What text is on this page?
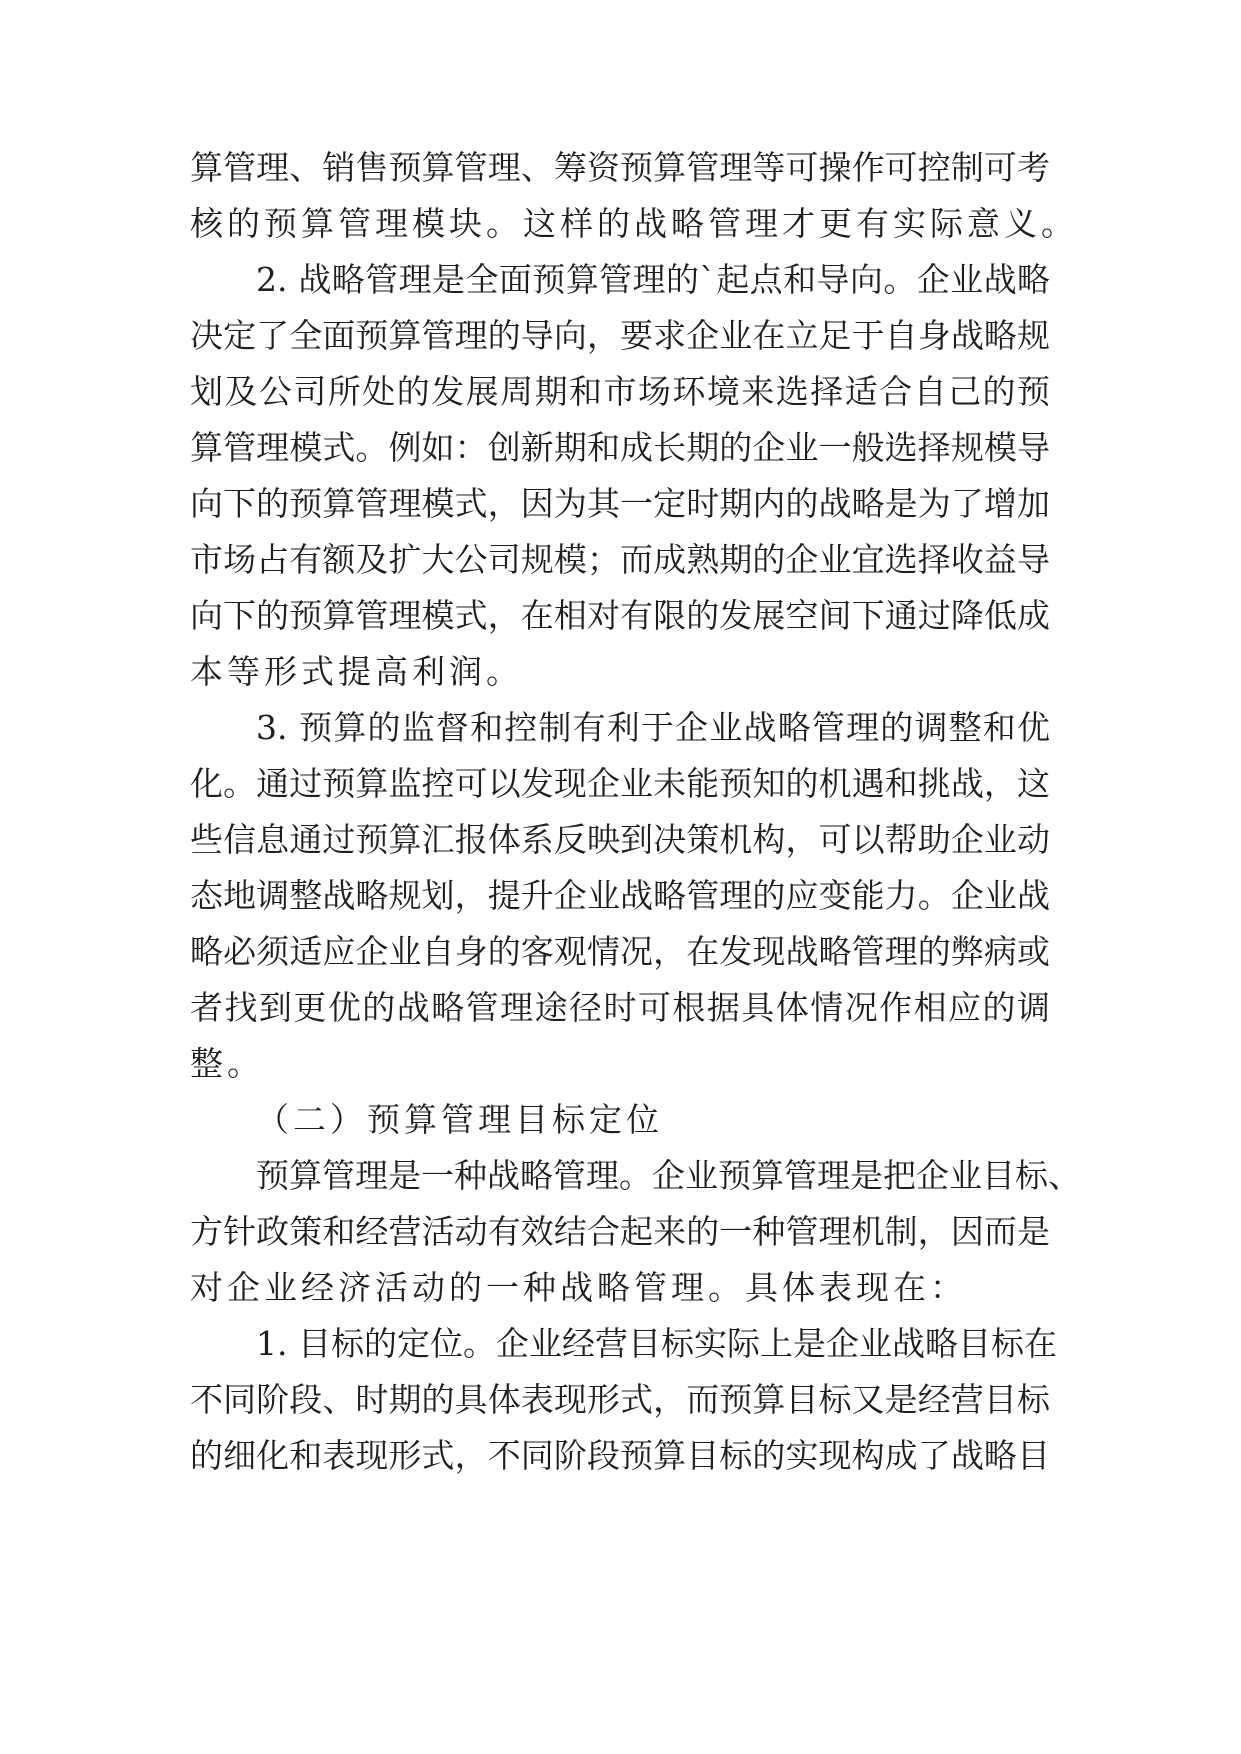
算管理、销售预算管理、筹资预算管理等可操作可控制可考
核的预算管理模块。这样的战略管理才更有实际意义。
2. 战略管理是全面预算管理的`起点和导向。企业战略
决定了全面预算管理的导向，要求企业在立足于自身战略规
划及公司所处的发展周期和市场环境来选择适合自己的预
算管理模式。例如：创新期和成长期的企业一般选择规模导
向下的预算管理模式，因为其一定时期内的战略是为了增加
市场占有额及扩大公司规模；而成熟期的企业宜选择收益导
向下的预算管理模式，在相对有限的发展空间下通过降低成
本等形式提高利润。
3. 预算的监督和控制有利于企业战略管理的调整和优
化。通过预算监控可以发现企业未能预知的机遇和挑战，这
些信息通过预算汇报体系反映到决策机构，可以帮助企业动
态地调整战略规划，提升企业战略管理的应变能力。企业战
略必须适应企业自身的客观情况，在发现战略管理的弊病或
者找到更优的战略管理途径时可根据具体情况作相应的调
整。
（二）预算管理目标定位
预算管理是一种战略管理。企业预算管理是把企业目标、
方针政策和经营活动有效结合起来的一种管理机制，因而是
对企业经济活动的一种战略管理。具体表现在：
1. 目标的定位。企业经营目标实际上是企业战略目标在
不同阶段、时期的具体表现形式，而预算目标又是经营目标
的细化和表现形式，不同阶段预算目标的实现构成了战略目
